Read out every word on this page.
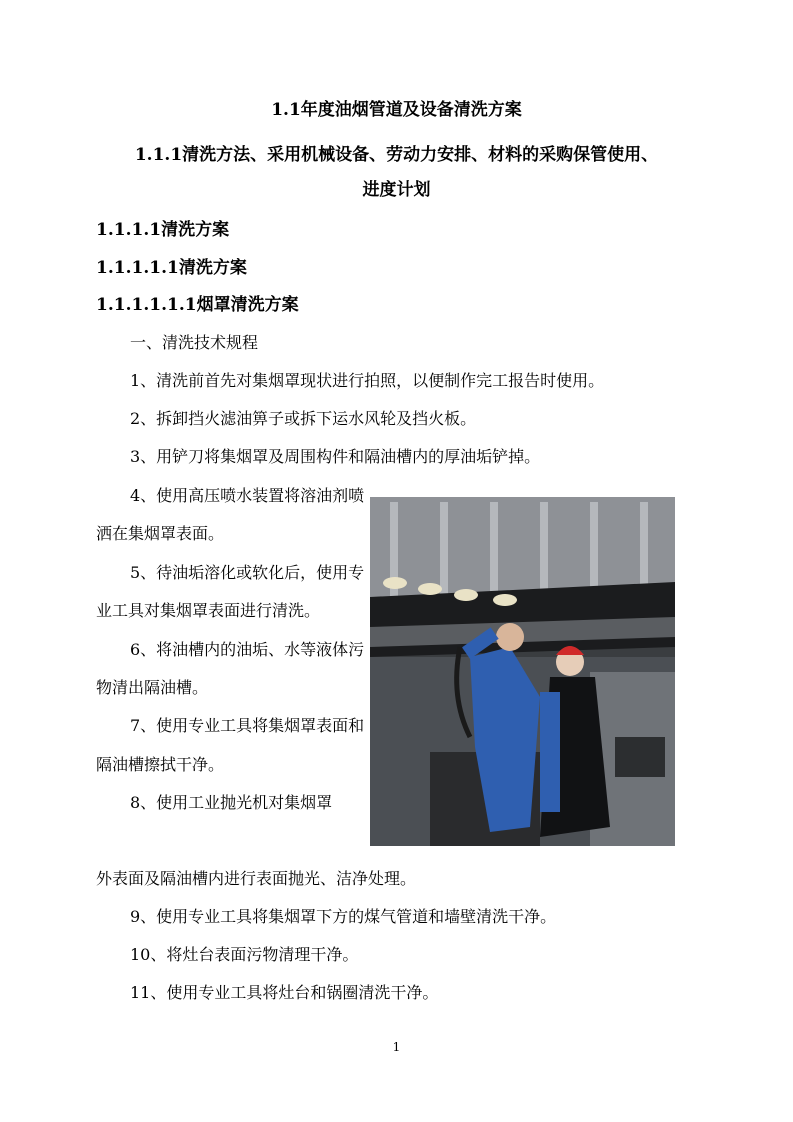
1.1年度油烟管道及设备清洗方案
1.1.1清洗方法、采用机械设备、劳动力安排、材料的采购保管使用、
进度计划
1.1.1.1清洗方案
1.1.1.1.1清洗方案
1.1.1.1.1.1烟罩清洗方案
一、清洗技术规程
1、清洗前首先对集烟罩现状进行拍照，以便制作完工报告时使用。
2、拆卸挡火滤油箅子或拆下运水风轮及挡火板。
3、用铲刀将集烟罩及周围构件和隔油槽内的厚油垢铲掉。

4、使用高压喷水装置将溶油剂喷洒在集烟罩表面。

5、待油垢溶化或软化后，使用专业工具对集烟罩表面进行清洗。

6、将油槽内的油垢、水等液体污物清出隔油槽。

7、使用专业工具将集烟罩表面和隔油槽擦拭干净。

8、使用工业抛光机对集烟罩

外表面及隔油槽内进行表面抛光、洁净处理。
9、使用专业工具将集烟罩下方的煤气管道和墙壁清洗干净。
10、将灶台表面污物清理干净。
11、使用专业工具将灶台和锅圈清洗干净。
1
